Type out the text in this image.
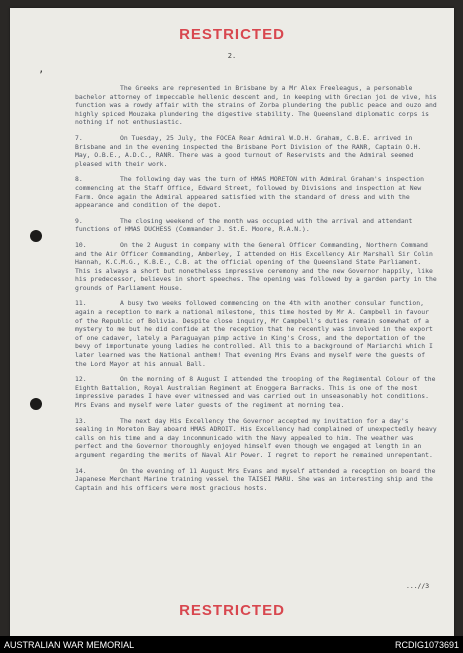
RESTRICTED
2.
’

The Greeks are represented in Brisbane by a Mr Alex Freeleagus, a personable bachelor attorney of impeccable hellenic descent and, in keeping with Grecian joi de vive, his function was a rowdy affair with the strains of Zorba plundering the public peace and ouzo and highly spiced Mouzaka plundering the digestive stability. The Queensland diplomatic corps is nothing if not enthusiastic.

7.	On Tuesday, 25 July, the FOCEA Rear Admiral W.D.H. Graham, C.B.E. arrived in Brisbane and in the evening inspected the Brisbane Port Division of the RANR, Captain O.H. May, O.B.E., A.D.C., RANR. There was a good turnout of Reservists and the Admiral seemed pleased with their work.

8.	The following day was the turn of HMAS MORETON with Admiral Graham's inspection commencing at the Staff Office, Edward Street, followed by Divisions and inspection at New Farm. Once again the Admiral appeared satisfied with the standard of dress and with the appearance and condition of the depot.

9.	The closing weekend of the month was occupied with the arrival and attendant functions of HMAS DUCHESS (Commander J. St.E. Moore, R.A.N.).

10.	On the 2 August in company with the General Officer Commanding, Northern Command and the Air Officer Commanding, Amberley, I attended on His Excellency Air Marshall Sir Colin Hannah, K.C.M.G., K.B.E., C.B. at the official opening of the Queensland State Parliament. This is always a short but nonetheless impressive ceremony and the new Governor happily, like his predecessor, believes in short speeches. The opening was followed by a garden party in the grounds of Parliament House.

11.	A busy two weeks followed commencing on the 4th with another consular function, again a reception to mark a national milestone, this time hosted by Mr A. Campbell in favour of the Republic of Bolivia. Despite close inquiry, Mr Campbell's duties remain somewhat of a mystery to me but he did confide at the reception that he recently was involved in the export of one cadaver, lately a Paraguayan pimp active in King's Cross, and the deportation of the bevy of importunate young ladies he controlled. All this to a background of Mariarchi which I later learned was the National anthem! That evening Mrs Evans and myself were the guests of the Lord Mayor at his annual Ball.

12.	On the morning of 8 August I attended the trooping of the Regimental Colour of the Eighth Battalion, Royal Australian Regiment at Enoggera Barracks. This is one of the most impressive parades I have ever witnessed and was carried out in unseasonably hot conditions. Mrs Evans and myself were later guests of the regiment at morning tea.

13.	The next day His Excellency the Governor accepted my invitation for a day's sealing in Moreton Bay aboard HMAS ADROIT. His Excellency had complained of unexpectedly heavy calls on his time and a day incommunicado with the Navy appealed to him. The weather was perfect and the Governor thoroughly enjoyed himself even though we engaged at length in an argument regarding the merits of Naval Air Power. I regret to report he remained unrepentant.

14.	On the evening of 11 August Mrs Evans and myself attended a reception on board the Japanese Merchant Marine training vessel the TAISEI MARU. She was an interesting ship and the Captain and his officers were most gracious hosts.

...//3
RESTRICTED
AUSTRALIAN WAR MEMORIAL	RCDIG1073691
